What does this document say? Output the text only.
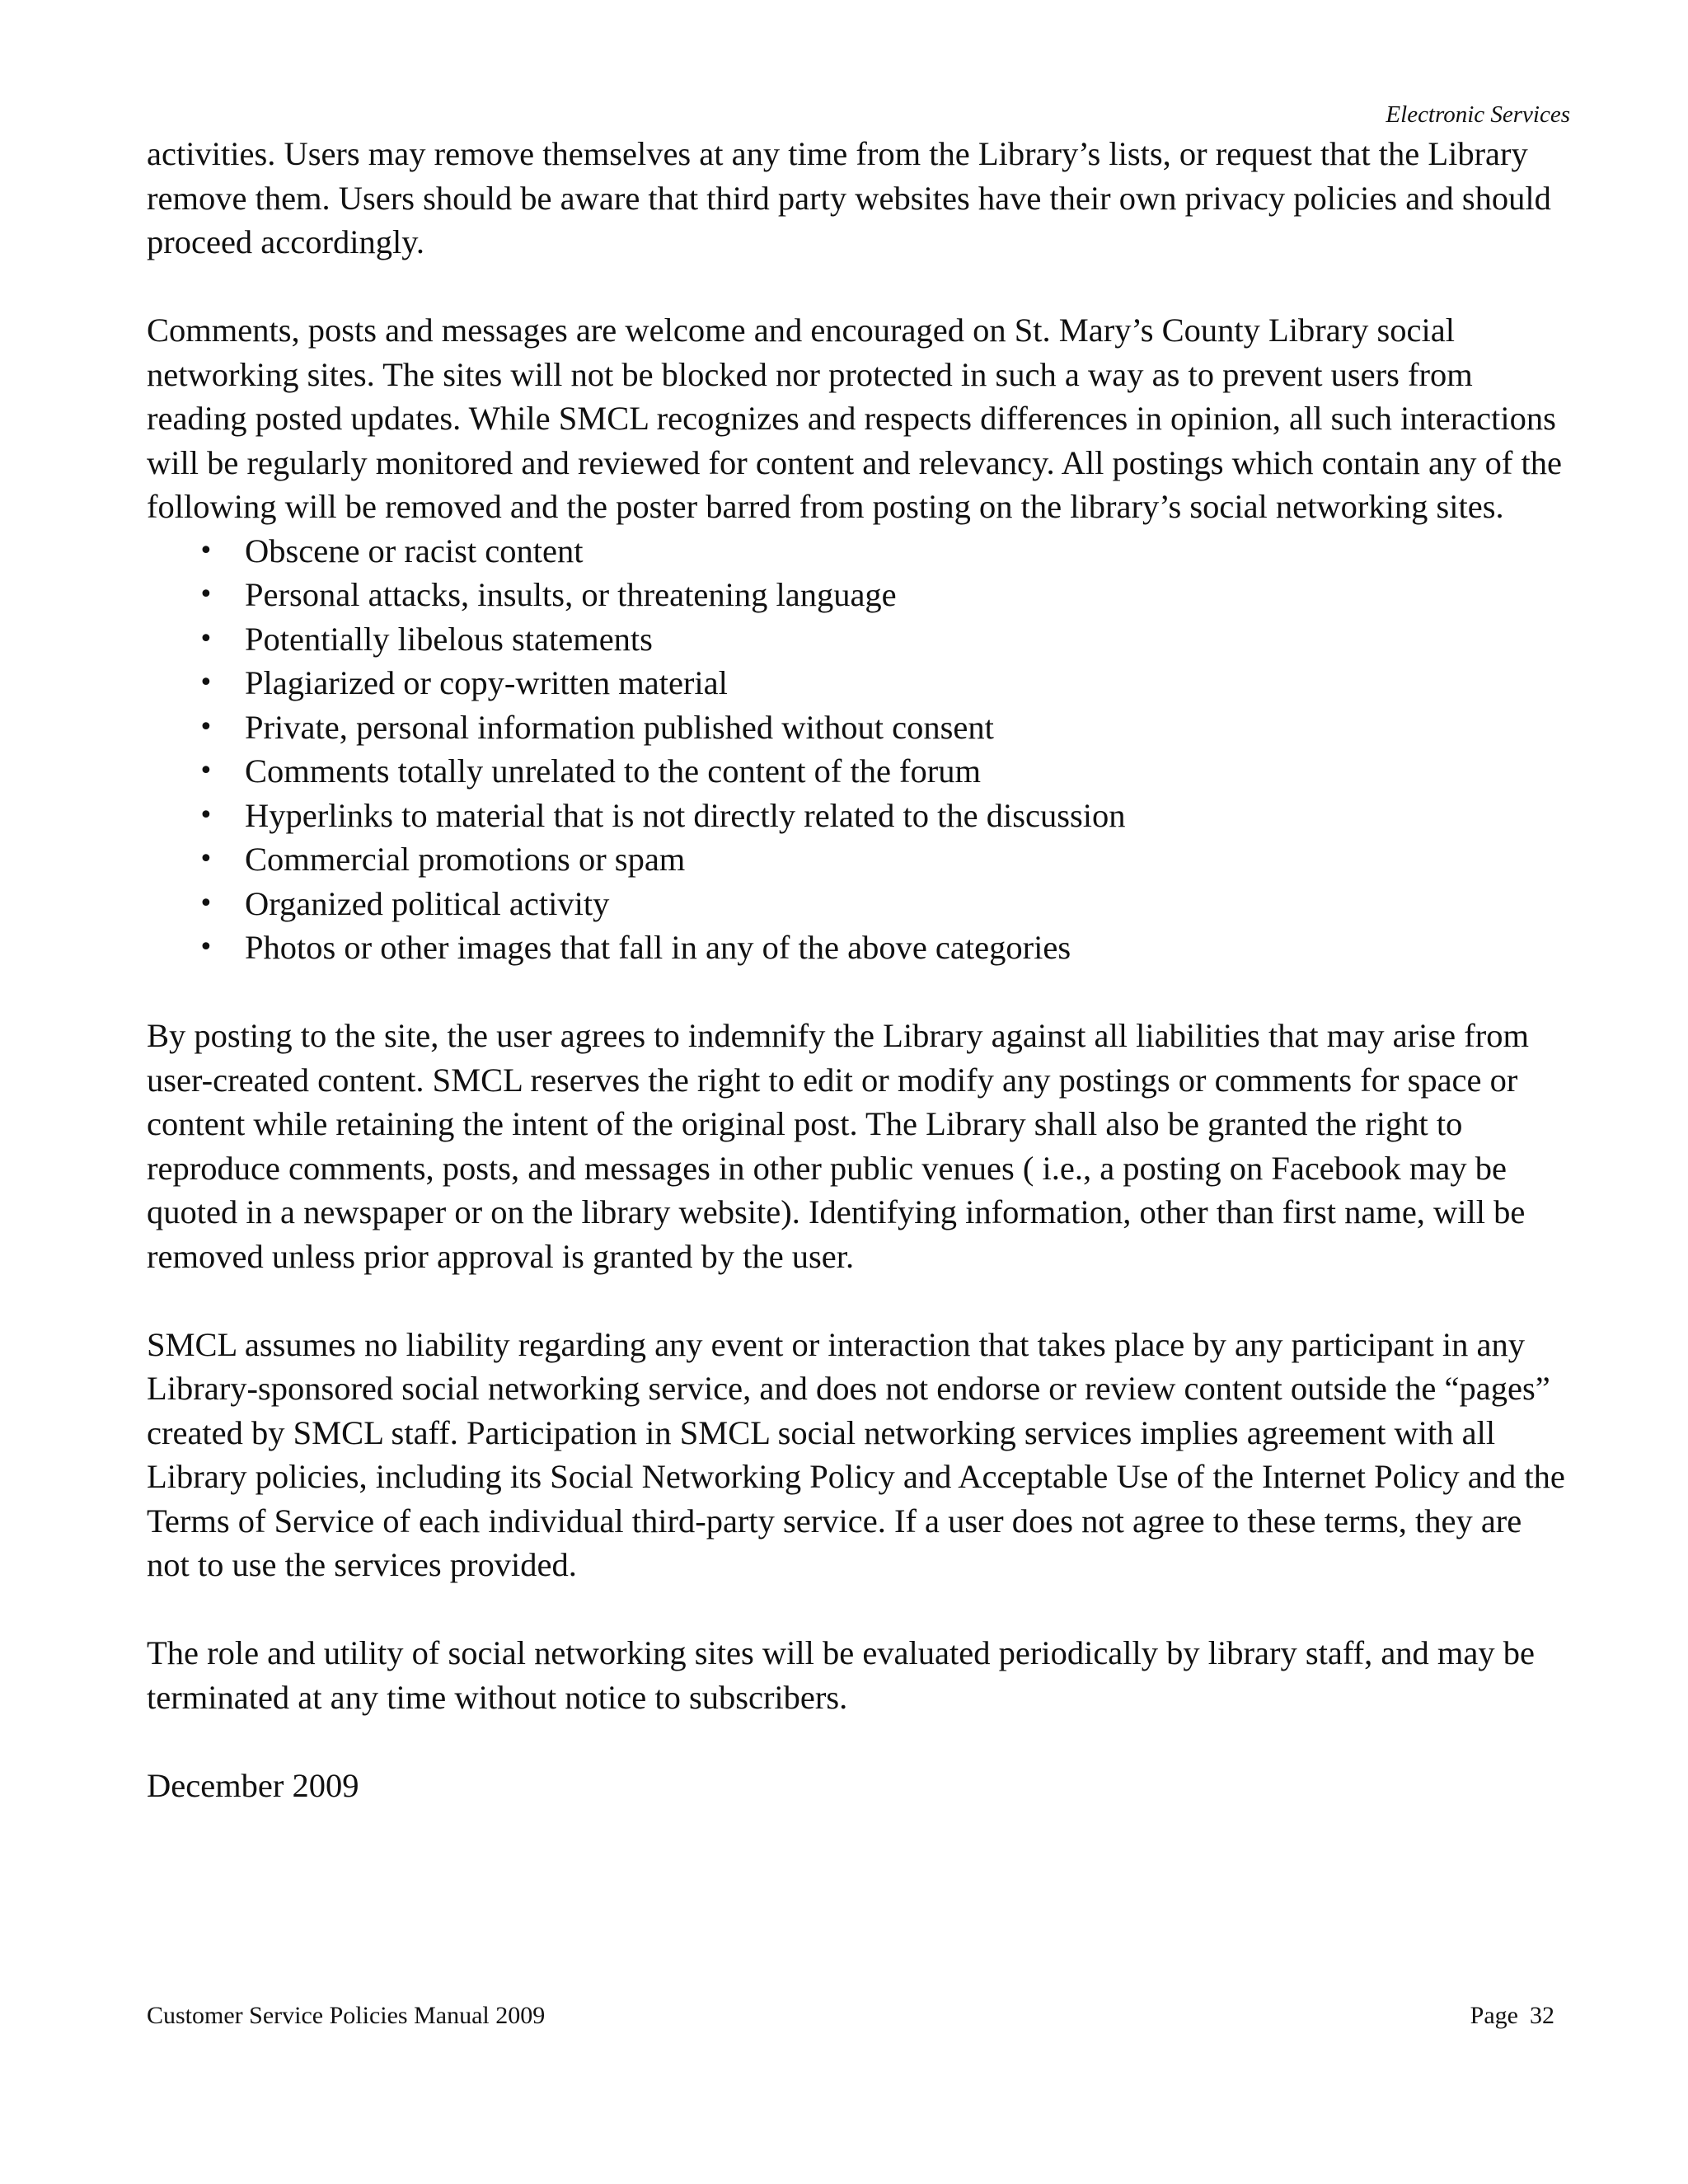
Electronic Services

activities. Users may remove themselves at any time from the Library’s lists, or request that the Library remove them. Users should be aware that third party websites have their own privacy policies and should proceed accordingly.

Comments, posts and messages are welcome and encouraged on St. Mary’s County Library social networking sites. The sites will not be blocked nor protected in such a way as to prevent users from reading posted updates. While SMCL recognizes and respects differences in opinion, all such interactions will be regularly monitored and reviewed for content and relevancy. All postings which contain any of the following will be removed and the poster barred from posting on the library’s social networking sites.

• Obscene or racist content
• Personal attacks, insults, or threatening language
• Potentially libelous statements
• Plagiarized or copy-written material
• Private, personal information published without consent
• Comments totally unrelated to the content of the forum
• Hyperlinks to material that is not directly related to the discussion
• Commercial promotions or spam
• Organized political activity
• Photos or other images that fall in any of the above categories

By posting to the site, the user agrees to indemnify the Library against all liabilities that may arise from user-created content. SMCL reserves the right to edit or modify any postings or comments for space or content while retaining the intent of the original post. The Library shall also be granted the right to reproduce comments, posts, and messages in other public venues ( i.e., a posting on Facebook may be quoted in a newspaper or on the library website). Identifying information, other than first name, will be removed unless prior approval is granted by the user.

SMCL assumes no liability regarding any event or interaction that takes place by any participant in any Library-sponsored social networking service, and does not endorse or review content outside the “pages” created by SMCL staff. Participation in SMCL social networking services implies agreement with all Library policies, including its Social Networking Policy and Acceptable Use of the Internet Policy and the Terms of Service of each individual third-party service. If a user does not agree to these terms, they are not to use the services provided.

The role and utility of social networking sites will be evaluated periodically by library staff, and may be terminated at any time without notice to subscribers.

December 2009

Customer Service Policies Manual 2009	Page 32
